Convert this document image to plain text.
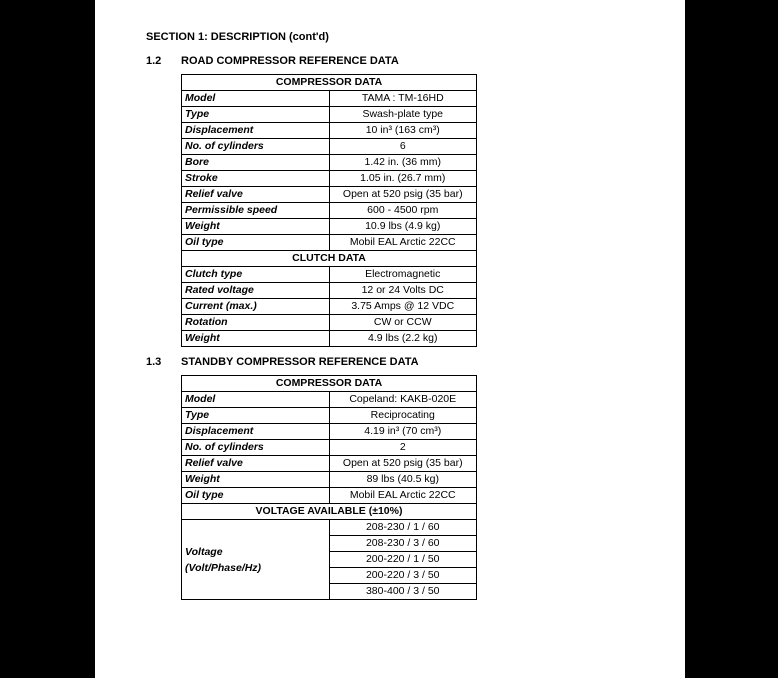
SECTION 1: DESCRIPTION (cont'd)
1.2 ROAD COMPRESSOR REFERENCE DATA
COMPRESSOR DATA	
Model	TAMA : TM-16HD
Type	Swash-plate type
Displacement	10 in³ (163 cm³)
No. of cylinders	6
Bore	1.42 in. (36 mm)
Stroke	1.05 in. (26.7 mm)
Relief valve	Open at 520 psig (35 bar)
Permissible speed	600 - 4500 rpm
Weight	10.9 lbs (4.9 kg)
Oil type	Mobil EAL Arctic 22CC
CLUTCH DATA	
Clutch type	Electromagnetic
Rated voltage	12 or 24 Volts DC
Current (max.)	3.75 Amps @ 12 VDC
Rotation	CW or CCW
Weight	4.9 lbs (2.2 kg)
1.3 STANDBY COMPRESSOR REFERENCE DATA
COMPRESSOR DATA	
Model	Copeland: KAKB-020E
Type	Reciprocating
Displacement	4.19 in³ (70 cm³)
No. of cylinders	2
Relief valve	Open at 520 psig (35 bar)
Weight	89 lbs (40.5 kg)
Oil type	Mobil EAL Arctic 22CC
VOLTAGE AVAILABLE (±10%)	

Voltage
(Volt/Phase/Hz)	208-230 / 1 / 60
	208-230 / 3 / 60
	200-220 / 1 / 50
	200-220 / 3 / 50
	380-400 / 3 / 50
